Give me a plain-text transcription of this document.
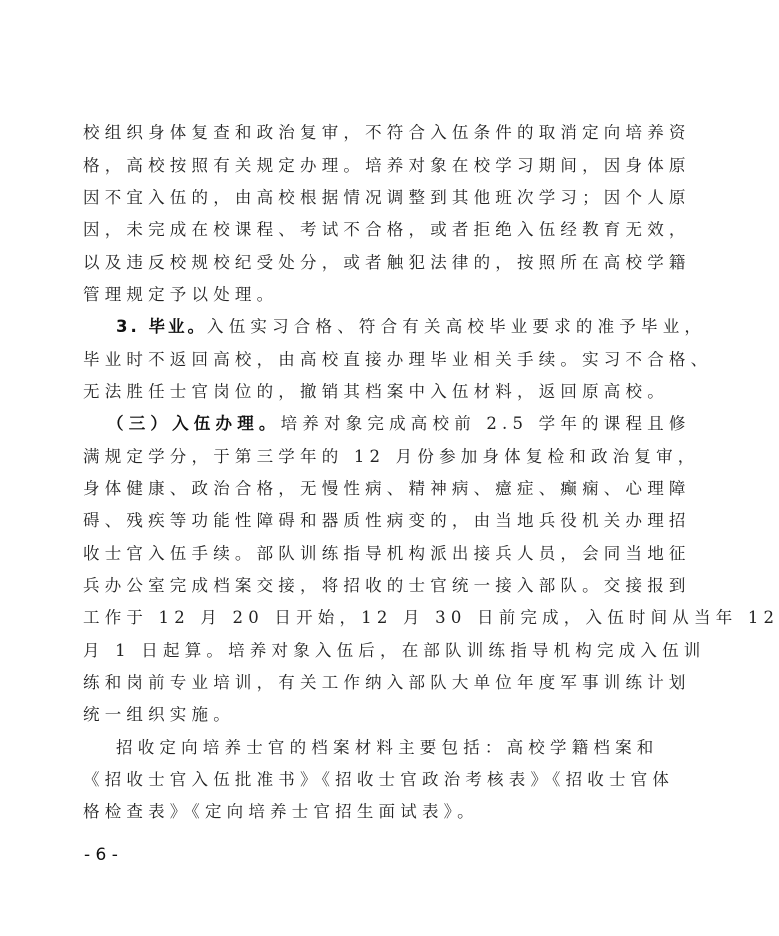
校组织身体复查和政治复审，不符合入伍条件的取消定向培养资
格，高校按照有关规定办理。培养对象在校学习期间，因身体原
因不宜入伍的，由高校根据情况调整到其他班次学习；因个人原
因，未完成在校课程、考试不合格，或者拒绝入伍经教育无效，
以及违反校规校纪受处分，或者触犯法律的，按照所在高校学籍
管理规定予以处理。
3. 毕业。入伍实习合格、符合有关高校毕业要求的准予毕业，
毕业时不返回高校，由高校直接办理毕业相关手续。实习不合格、
无法胜任士官岗位的，撤销其档案中入伍材料，返回原高校。
（三）入伍办理。培养对象完成高校前 2.5 学年的课程且修
满规定学分，于第三学年的 12 月份参加身体复检和政治复审，
身体健康、政治合格，无慢性病、精神病、癔症、癫痫、心理障
碍、残疾等功能性障碍和器质性病变的，由当地兵役机关办理招
收士官入伍手续。部队训练指导机构派出接兵人员，会同当地征
兵办公室完成档案交接，将招收的士官统一接入部队。交接报到
工作于 12 月 20 日开始，12 月 30 日前完成，入伍时间从当年 12
月 1 日起算。培养对象入伍后，在部队训练指导机构完成入伍训
练和岗前专业培训，有关工作纳入部队大单位年度军事训练计划
统一组织实施。
招收定向培养士官的档案材料主要包括：高校学籍档案和
《招收士官入伍批准书》《招收士官政治考核表》《招收士官体
格检查表》《定向培养士官招生面试表》。
- 6 -
